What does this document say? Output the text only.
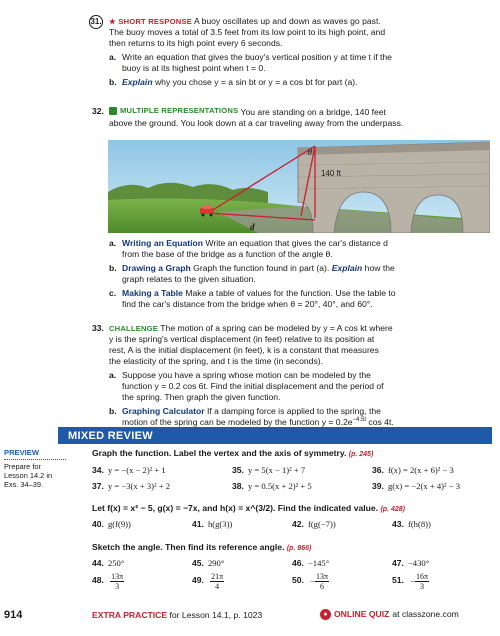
31. ★ SHORT RESPONSE A buoy oscillates up and down as waves go past.
The buoy moves a total of 3.5 feet from its low point to its high point, and
then returns to its high point every 6 seconds.
a. Write an equation that gives the buoy's vertical position y at time t if the
buoy is at its highest point when t = 0.
b. Explain why you chose y = a sin bt or y = a cos bt for part (a).
32. MULTIPLE REPRESENTATIONS You are standing on a bridge, 140 feet
above the ground. You look down at a car traveling away from the underpass.
θ
140 ft
d
a. Writing an Equation Write an equation that gives the car's distance d
from the base of the bridge as a function of the angle θ.
b. Drawing a Graph Graph the function found in part (a). Explain how the
graph relates to the given situation.
c. Making a Table Make a table of values for the function. Use the table to
find the car's distance from the bridge when θ = 20°, 40°, and 60°.
33. CHALLENGE The motion of a spring can be modeled by y = A cos kt where
y is the spring's vertical displacement (in feet) relative to its position at
rest, A is the initial displacement (in feet), k is a constant that measures
the elasticity of the spring, and t is the time (in seconds).
a. Suppose you have a spring whose motion can be modeled by the
function y = 0.2 cos 6t. Find the initial displacement and the period of
the spring. Then graph the given function.
b. Graphing Calculator If a damping force is applied to the spring, the
motion of the spring can be modeled by the function $y = 0.2e^{-4.5t}$ cos 4t.
MIXED REVIEW
PREVIEW
Prepare for Lesson 14.2 in Exs. 34–39.
Graph the function. Label the vertex and the axis of symmetry. (p. 245)
34. y = −(x − 2)² + 1	35. y = 5(x − 1)² + 7	36. f(x) = 2(x + 6)² − 3
37. y = −3(x + 3)² + 2	38. y = 0.5(x + 2)² + 5	39. g(x) = −2(x + 4)² − 3
Let f(x) = x² − 5, g(x) = −7x, and h(x) = x^(3/2). Find the indicated value. (p. 428)
40. g(f(9))	41. h(g(3))	42. f(g(−7))	43. f(h(8))
Sketch the angle. Then find its reference angle. (p. 866)
44. 250°	45. 290°	46. −145°	47. −430°
48. $\frac{13\pi}{3}$	49. $\frac{21\pi}{4}$	50. − $\frac{13\pi}{6}$	51. − $\frac{16\pi}{3}$
914	EXTRA PRACTICE for Lesson 14.1, p. 1023	● ONLINE QUIZ at classzone.com
